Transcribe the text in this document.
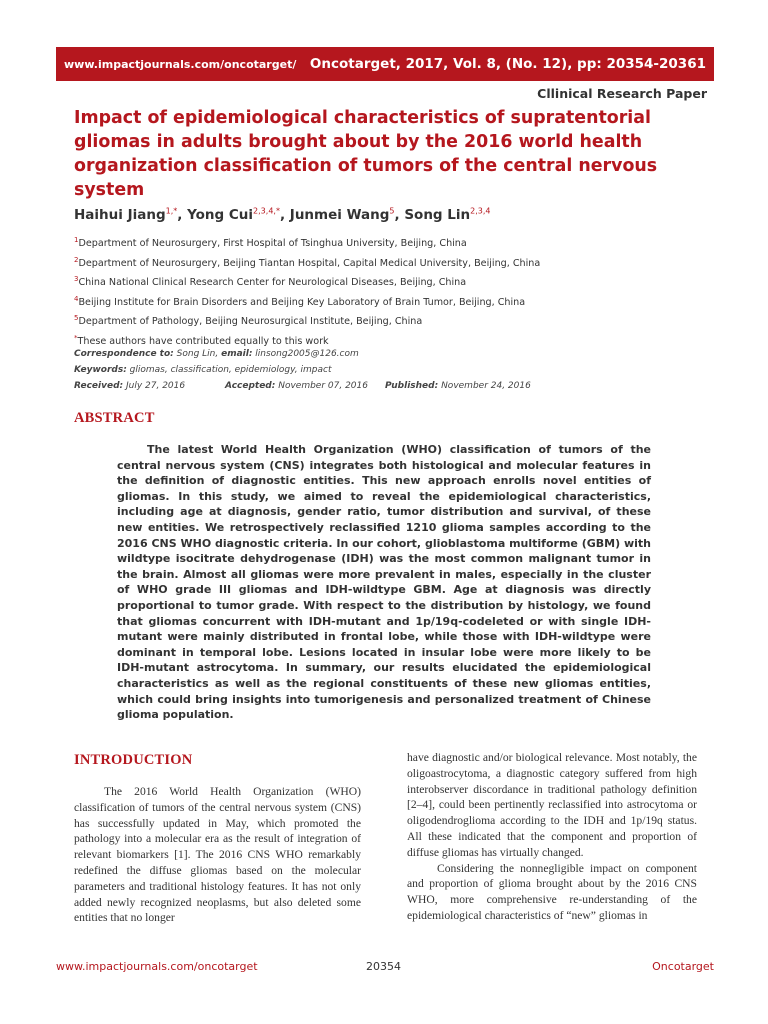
www.impactjournals.com/oncotarget/ Oncotarget, 2017, Vol. 8, (No. 12), pp: 20354-20361
Cllinical Research Paper
Impact of epidemiological characteristics of supratentorial gliomas in adults brought about by the 2016 world health organization classification of tumors of the central nervous system
Haihui Jiang$^{1,*}$, Yong Cui$^{2,3,4,*}$, Junmei Wang$^5$, Song Lin$^{2,3,4}$
$^1$Department of Neurosurgery, First Hospital of Tsinghua University, Beijing, China
$^2$Department of Neurosurgery, Beijing Tiantan Hospital, Capital Medical University, Beijing, China
$^3$China National Clinical Research Center for Neurological Diseases, Beijing, China
$^4$Beijing Institute for Brain Disorders and Beijing Key Laboratory of Brain Tumor, Beijing, China
$^5$Department of Pathology, Beijing Neurosurgical Institute, Beijing, China
*These authors have contributed equally to this work
Correspondence to: Song Lin, email: linsong2005@126.com
Keywords: gliomas, classification, epidemiology, impact
Received: July 27, 2016	Accepted: November 07, 2016 Published: November 24, 2016
ABSTRACT

The latest World Health Organization (WHO) classification of tumors of the central nervous system (CNS) integrates both histological and molecular features in the definition of diagnostic entities. This new approach enrolls novel entities of gliomas. In this study, we aimed to reveal the epidemiological characteristics, including age at diagnosis, gender ratio, tumor distribution and survival, of these new entities. We retrospectively reclassified 1210 glioma samples according to the 2016 CNS WHO diagnostic criteria. In our cohort, glioblastoma multiforme (GBM) with wildtype isocitrate dehydrogenase (IDH) was the most common malignant tumor in the brain. Almost all gliomas were more prevalent in males, especially in the cluster of WHO grade III gliomas and IDH-wildtype GBM. Age at diagnosis was directly proportional to tumor grade. With respect to the distribution by histology, we found that gliomas concurrent with IDH-mutant and 1p/19q-codeleted or with single IDH-mutant were mainly distributed in frontal lobe, while those with IDH-wildtype were dominant in temporal lobe. Lesions located in insular lobe were more likely to be IDH-mutant astrocytoma. In summary, our results elucidated the epidemiological characteristics as well as the regional constituents of these new gliomas entities, which could bring insights into tumorigenesis and personalized treatment of Chinese glioma population.

INTRODUCTION

The 2016 World Health Organization (WHO) classification of tumors of the central nervous system (CNS) has successfully updated in May, which promoted the pathology into a molecular era as the result of integration of relevant biomarkers [1]. The 2016 CNS WHO remarkably redefined the diffuse gliomas based on the molecular parameters and traditional histology features. It has not only added newly recognized neoplasms, but also deleted some entities that no longer

have diagnostic and/or biological relevance. Most notably, the oligoastrocytoma, a diagnostic category suffered from high interobserver discordance in traditional pathology definition [2–4], could been pertinently reclassified into astrocytoma or oligodendroglioma according to the IDH and 1p/19q status. All these indicated that the component and proportion of diffuse gliomas has virtually changed.

Considering the nonnegligible impact on component and proportion of glioma brought about by the 2016 CNS WHO, more comprehensive re-understanding of the epidemiological characteristics of “new” gliomas in

www.impactjournals.com/oncotarget	20354	Oncotarget
